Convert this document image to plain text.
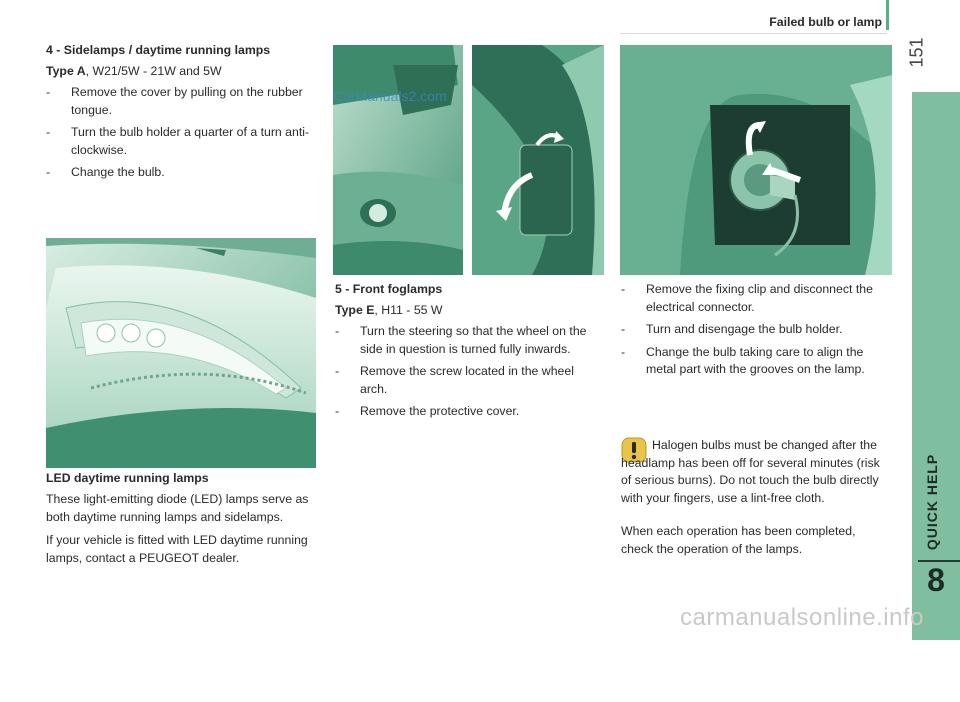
Failed bulb or lamp
151
QUICK HELP
8
4 - Sidelamps / daytime running lamps
Type A, W21/5W - 21W and 5W
- Remove the cover by pulling on the rubber tongue.
- Turn the bulb holder a quarter of a turn anti-clockwise.
- Change the bulb.
LED daytime running lamps

These light-emitting diode (LED) lamps serve as both daytime running lamps and sidelamps.

If your vehicle is fitted with LED daytime running lamps, contact a PEUGEOT dealer.

CarManuals2.com
5 - Front foglamps
Type E, H11 - 55 W
- Turn the steering so that the wheel on the side in question is turned fully inwards.
- Remove the screw located in the wheel arch.
- Remove the protective cover.
- Remove the fixing clip and disconnect the electrical connector.
- Turn and disengage the bulb holder.
- Change the bulb taking care to align the metal part with the grooves on the lamp.
Halogen bulbs must be changed after the headlamp has been off for several minutes (risk of serious burns). Do not touch the bulb directly with your fingers, use a lint-free cloth.
When each operation has been completed, check the operation of the lamps.
carmanualsonline.info
